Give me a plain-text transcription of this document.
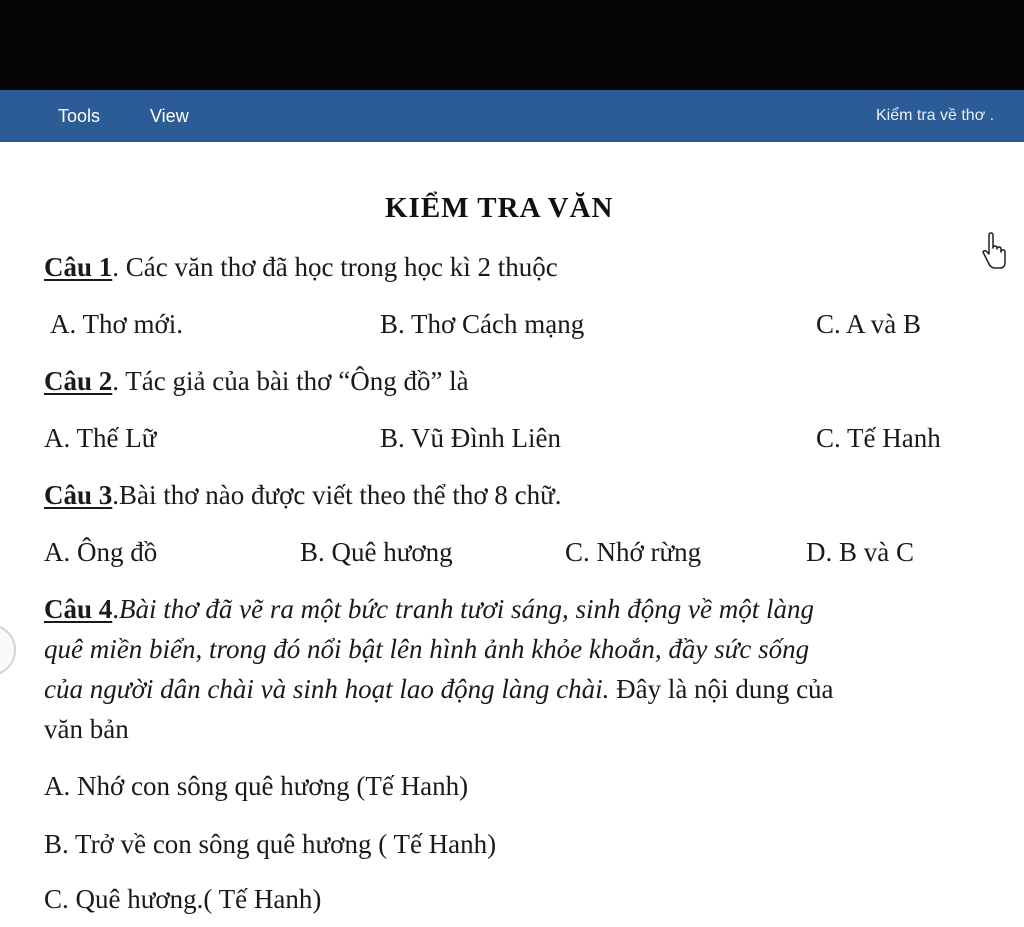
Tools	View	Kiểm tra về thơ .
KIỂM TRA VĂN
Câu 1. Các văn thơ đã học trong học kì 2 thuộc
A. Thơ mới.	B. Thơ Cách mạng	C. A và B
Câu 2. Tác giả của bài thơ “Ông đồ” là
A. Thế Lữ	B. Vũ Đình Liên	C. Tế Hanh
Câu 3.Bài thơ nào được viết theo thể thơ 8 chữ.
A. Ông đồ	B. Quê hương	C. Nhớ rừng	D. B và C
Câu 4.Bài thơ đã vẽ ra một bức tranh tươi sáng, sinh động về một làng
quê miền biển, trong đó nổi bật lên hình ảnh khỏe khoắn, đầy sức sống
của người dân chài và sinh hoạt lao động làng chài. Đây là nội dung của
văn bản
A. Nhớ con sông quê hương (Tế Hanh)
B. Trở về con sông quê hương ( Tế Hanh)
C. Quê hương.( Tế Hanh)
